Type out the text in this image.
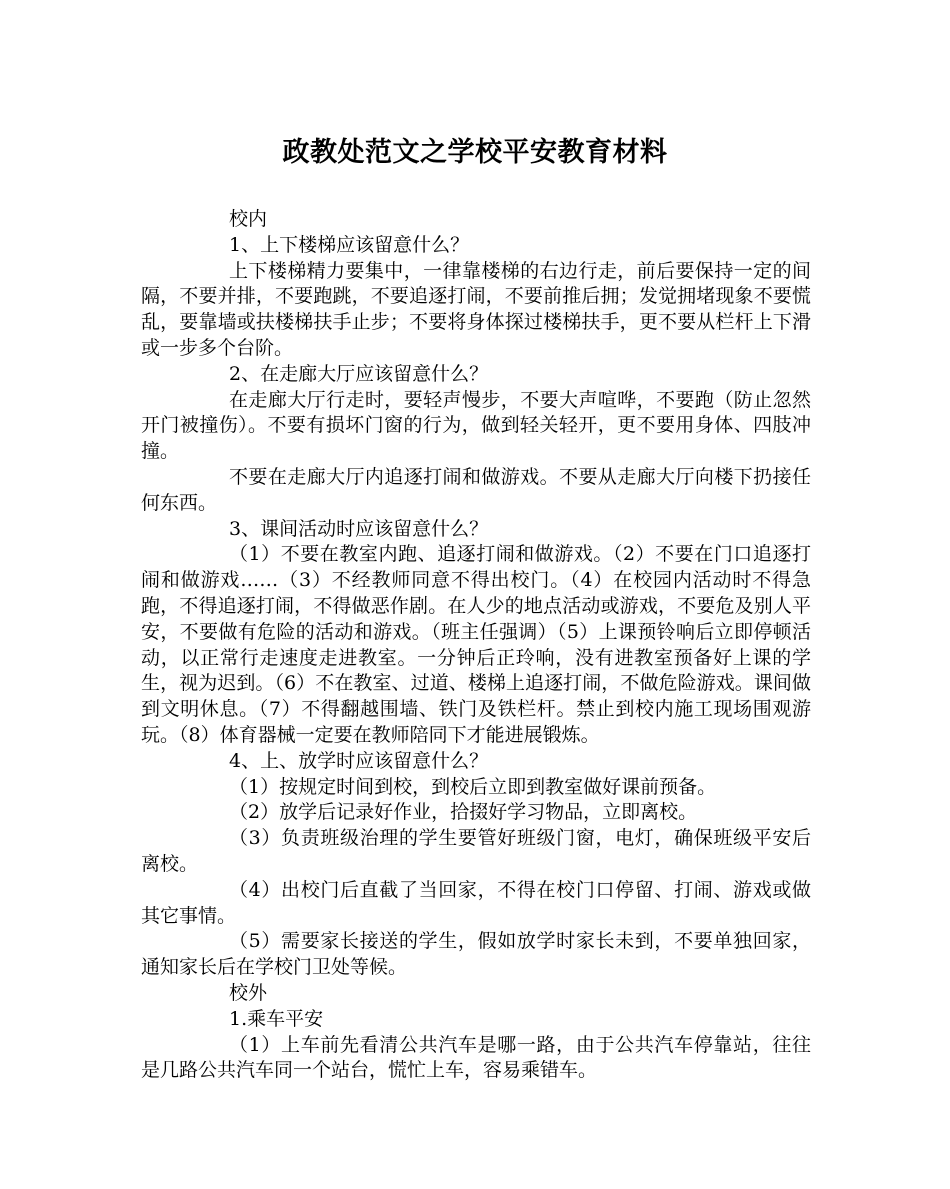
政教处范文之学校平安教育材料

校内

1、上下楼梯应该留意什么？

上下楼梯精力要集中，一律靠楼梯的右边行走，前后要保持一定的间隔，不要并排，不要跑跳，不要追逐打闹，不要前推后拥；发觉拥堵现象不要慌乱，要靠墙或扶楼梯扶手止步；不要将身体探过楼梯扶手，更不要从栏杆上下滑或一步多个台阶。

2、在走廊大厅应该留意什么？

在走廊大厅行走时，要轻声慢步，不要大声喧哗，不要跑（防止忽然开门被撞伤）。不要有损坏门窗的行为，做到轻关轻开，更不要用身体、四肢冲撞。

不要在走廊大厅内追逐打闹和做游戏。不要从走廊大厅向楼下扔接任何东西。

3、课间活动时应该留意什么？

（1）不要在教室内跑、追逐打闹和做游戏。（2）不要在门口追逐打闹和做游戏……（3）不经教师同意不得出校门。（4）在校园内活动时不得急跑，不得追逐打闹，不得做恶作剧。在人少的地点活动或游戏，不要危及别人平安，不要做有危险的活动和游戏。（班主任强调）（5）上课预铃响后立即停顿活动，以正常行走速度走进教室。一分钟后正玲响，没有进教室预备好上课的学生，视为迟到。（6）不在教室、过道、楼梯上追逐打闹，不做危险游戏。课间做到文明休息。（7）不得翻越围墙、铁门及铁栏杆。禁止到校内施工现场围观游玩。（8）体育器械一定要在教师陪同下才能进展锻炼。

4、上、放学时应该留意什么？

（1）按规定时间到校，到校后立即到教室做好课前预备。

（2）放学后记录好作业，拾掇好学习物品，立即离校。

（3）负责班级治理的学生要管好班级门窗，电灯，确保班级平安后离校。

（4）出校门后直截了当回家，不得在校门口停留、打闹、游戏或做其它事情。

（5）需要家长接送的学生，假如放学时家长未到，不要单独回家，通知家长后在学校门卫处等候。

校外

1.乘车平安

（1）上车前先看清公共汽车是哪一路，由于公共汽车停靠站，往往是几路公共汽车同一个站台，慌忙上车，容易乘错车。
